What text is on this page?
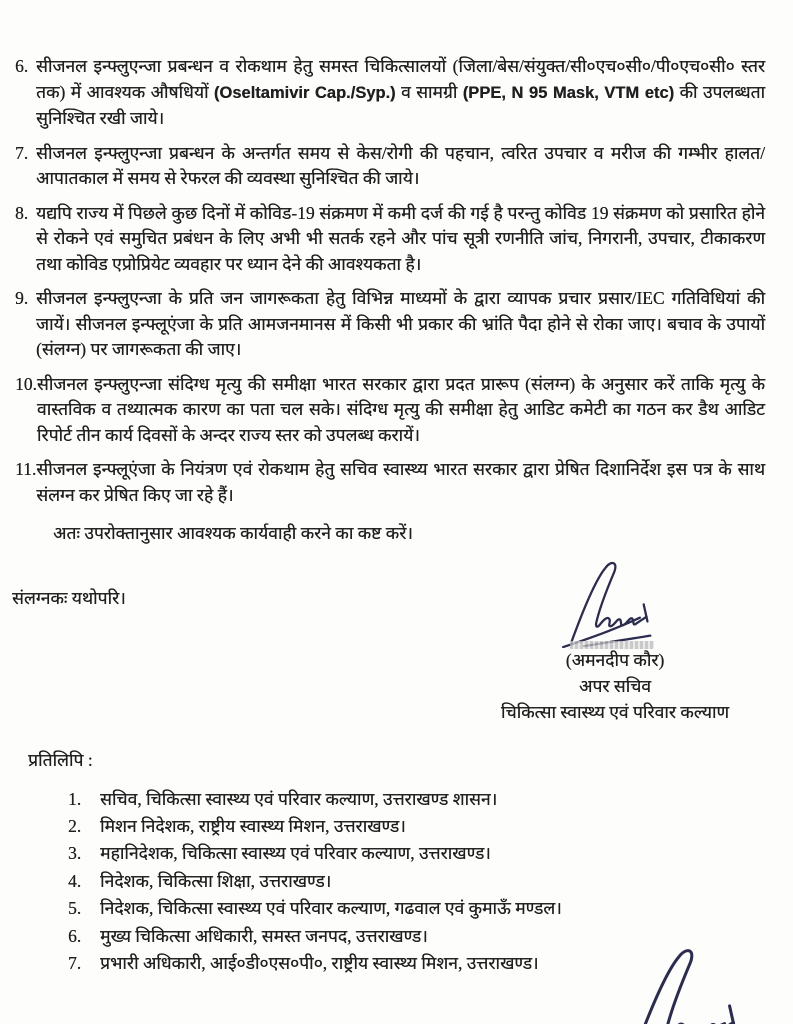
6. सीजनल इन्फ्लुएन्जा प्रबन्धन व रोकथाम हेतु समस्त चिकित्सालयों (जिला/बेस/संयुक्त/सी०एच०सी०/पी०एच०सी० स्तर तक) में आवश्यक औषधियों (Oseltamivir Cap./Syp.) व सामग्री (PPE, N 95 Mask, VTM etc) की उपलब्धता सुनिश्चित रखी जाये।

7. सीजनल इन्फ्लुएन्जा प्रबन्धन के अन्तर्गत समय से केस/रोगी की पहचान, त्वरित उपचार व मरीज की गम्भीर हालत/आपातकाल में समय से रेफरल की व्यवस्था सुनिश्चित की जाये।

8. यद्यपि राज्य में पिछले कुछ दिनों में कोविड-19 संक्रमण में कमी दर्ज की गई है परन्तु कोविड 19 संक्रमण को प्रसारित होने से रोकने एवं समुचित प्रबंधन के लिए अभी भी सतर्क रहने और पांच सूत्री रणनीति जांच, निगरानी, उपचार, टीकाकरण तथा कोविड एप्रोप्रियेट व्यवहार पर ध्यान देने की आवश्यकता है।

9. सीजनल इन्फ्लुएन्जा के प्रति जन जागरूकता हेतु विभिन्न माध्यमों के द्वारा व्यापक प्रचार प्रसार/IEC गतिविधियां की जायें। सीजनल इन्फ्लूएंजा के प्रति आमजनमानस में किसी भी प्रकार की भ्रांति पैदा होने से रोका जाए। बचाव के उपायों (संलग्न) पर जागरूकता की जाए।

10. सीजनल इन्फ्लुएन्जा संदिग्ध मृत्यु की समीक्षा भारत सरकार द्वारा प्रदत प्रारूप (संलग्न) के अनुसार करें ताकि मृत्यु के वास्तविक व तथ्यात्मक कारण का पता चल सके। संदिग्ध मृत्यु की समीक्षा हेतु आडिट कमेटी का गठन कर डैथ आडिट रिपोर्ट तीन कार्य दिवसों के अन्दर राज्य स्तर को उपलब्ध करायें।

11. सीजनल इन्फ्लूएंजा के नियंत्रण एवं रोकथाम हेतु सचिव स्वास्थ्य भारत सरकार द्वारा प्रेषित दिशानिर्देश इस पत्र के साथ संलग्न कर प्रेषित किए जा रहे हैं।

अतः उपरोक्तानुसार आवश्यक कार्यवाही करने का कष्ट करें।

संलग्नकः यथोपरि।

(अमनदीप कौर)
अपर सचिव
चिकित्सा स्वास्थ्य एवं परिवार कल्याण

प्रतिलिपि :

1.	सचिव, चिकित्सा स्वास्थ्य एवं परिवार कल्याण, उत्तराखण्ड शासन।

2.	मिशन निदेशक, राष्ट्रीय स्वास्थ्य मिशन, उत्तराखण्ड।

3.	महानिदेशक, चिकित्सा स्वास्थ्य एवं परिवार कल्याण, उत्तराखण्ड।

4.	निदेशक, चिकित्सा शिक्षा, उत्तराखण्ड।

5.	निदेशक, चिकित्सा स्वास्थ्य एवं परिवार कल्याण, गढवाल एवं कुमाऊँ मण्डल।

6.	मुख्य चिकित्सा अधिकारी, समस्त जनपद, उत्तराखण्ड।

7.	प्रभारी अधिकारी, आई०डी०एस०पी०, राष्ट्रीय स्वास्थ्य मिशन, उत्तराखण्ड।
